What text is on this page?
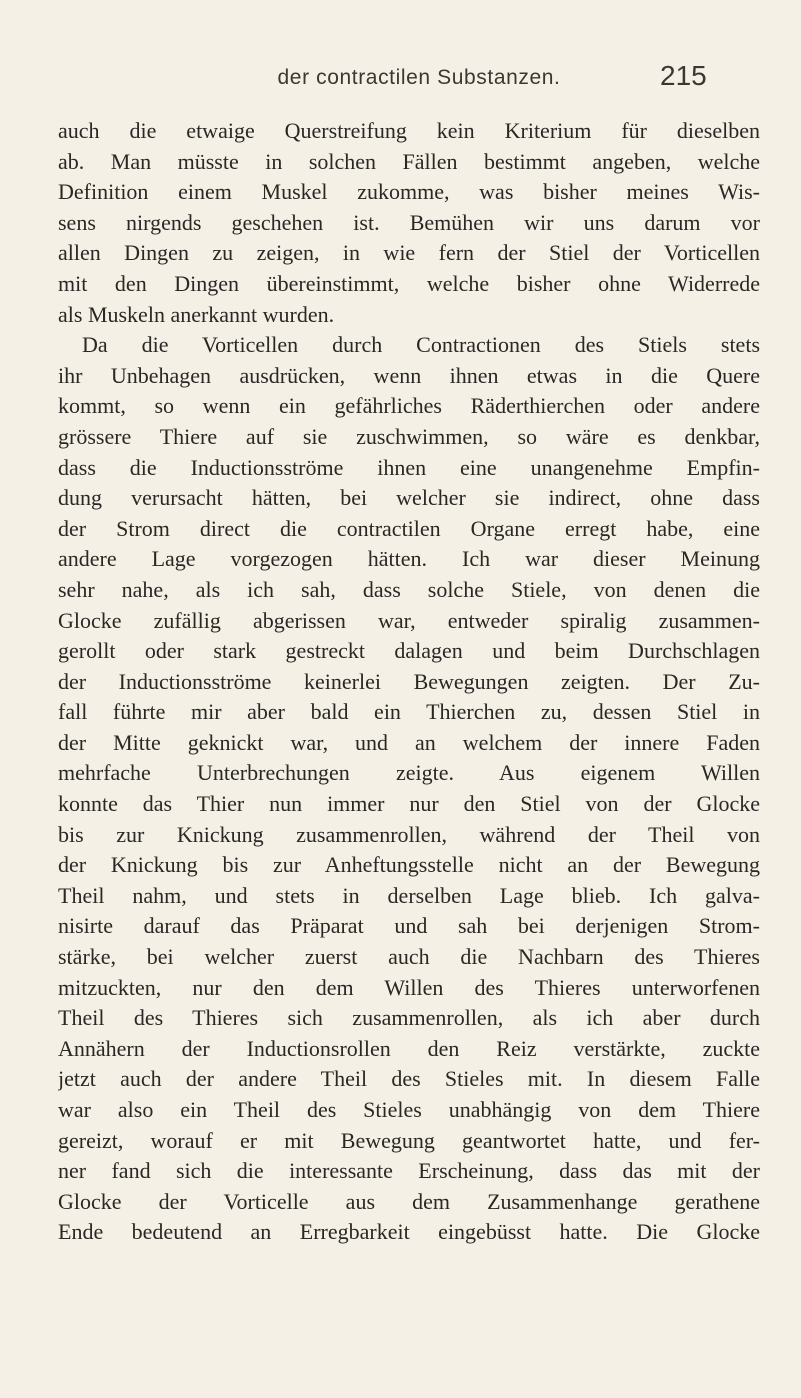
der contractilen Substanzen.	215
auch die etwaige Querstreifung kein Kriterium für dieselben
ab. Man müsste in solchen Fällen bestimmt angeben, welche
Definition einem Muskel zukomme, was bisher meines Wis-
sens nirgends geschehen ist. Bemühen wir uns darum vor
allen Dingen zu zeigen, in wie fern der Stiel der Vorticellen
mit den Dingen übereinstimmt, welche bisher ohne Widerrede
als Muskeln anerkannt wurden.
Da die Vorticellen durch Contractionen des Stiels stets
ihr Unbehagen ausdrücken, wenn ihnen etwas in die Quere
kommt, so wenn ein gefährliches Räderthierchen oder andere
grössere Thiere auf sie zuschwimmen, so wäre es denkbar,
dass die Inductionsströme ihnen eine unangenehme Empfin-
dung verursacht hätten, bei welcher sie indirect, ohne dass
der Strom direct die contractilen Organe erregt habe, eine
andere Lage vorgezogen hätten. Ich war dieser Meinung
sehr nahe, als ich sah, dass solche Stiele, von denen die
Glocke zufällig abgerissen war, entweder spiralig zusammen-
gerollt oder stark gestreckt dalagen und beim Durchschlagen
der Inductionsströme keinerlei Bewegungen zeigten. Der Zu-
fall führte mir aber bald ein Thierchen zu, dessen Stiel in
der Mitte geknickt war, und an welchem der innere Faden
mehrfache Unterbrechungen zeigte. Aus eigenem Willen
konnte das Thier nun immer nur den Stiel von der Glocke
bis zur Knickung zusammenrollen, während der Theil von
der Knickung bis zur Anheftungsstelle nicht an der Bewegung
Theil nahm, und stets in derselben Lage blieb. Ich galva-
nisirte darauf das Präparat und sah bei derjenigen Strom-
stärke, bei welcher zuerst auch die Nachbarn des Thieres
mitzuckten, nur den dem Willen des Thieres unterworfenen
Theil des Thieres sich zusammenrollen, als ich aber durch
Annähern der Inductionsrollen den Reiz verstärkte, zuckte
jetzt auch der andere Theil des Stieles mit. In diesem Falle
war also ein Theil des Stieles unabhängig von dem Thiere
gereizt, worauf er mit Bewegung geantwortet hatte, und fer-
ner fand sich die interessante Erscheinung, dass das mit der
Glocke der Vorticelle aus dem Zusammenhange gerathene
Ende bedeutend an Erregbarkeit eingebüsst hatte. Die Glocke
